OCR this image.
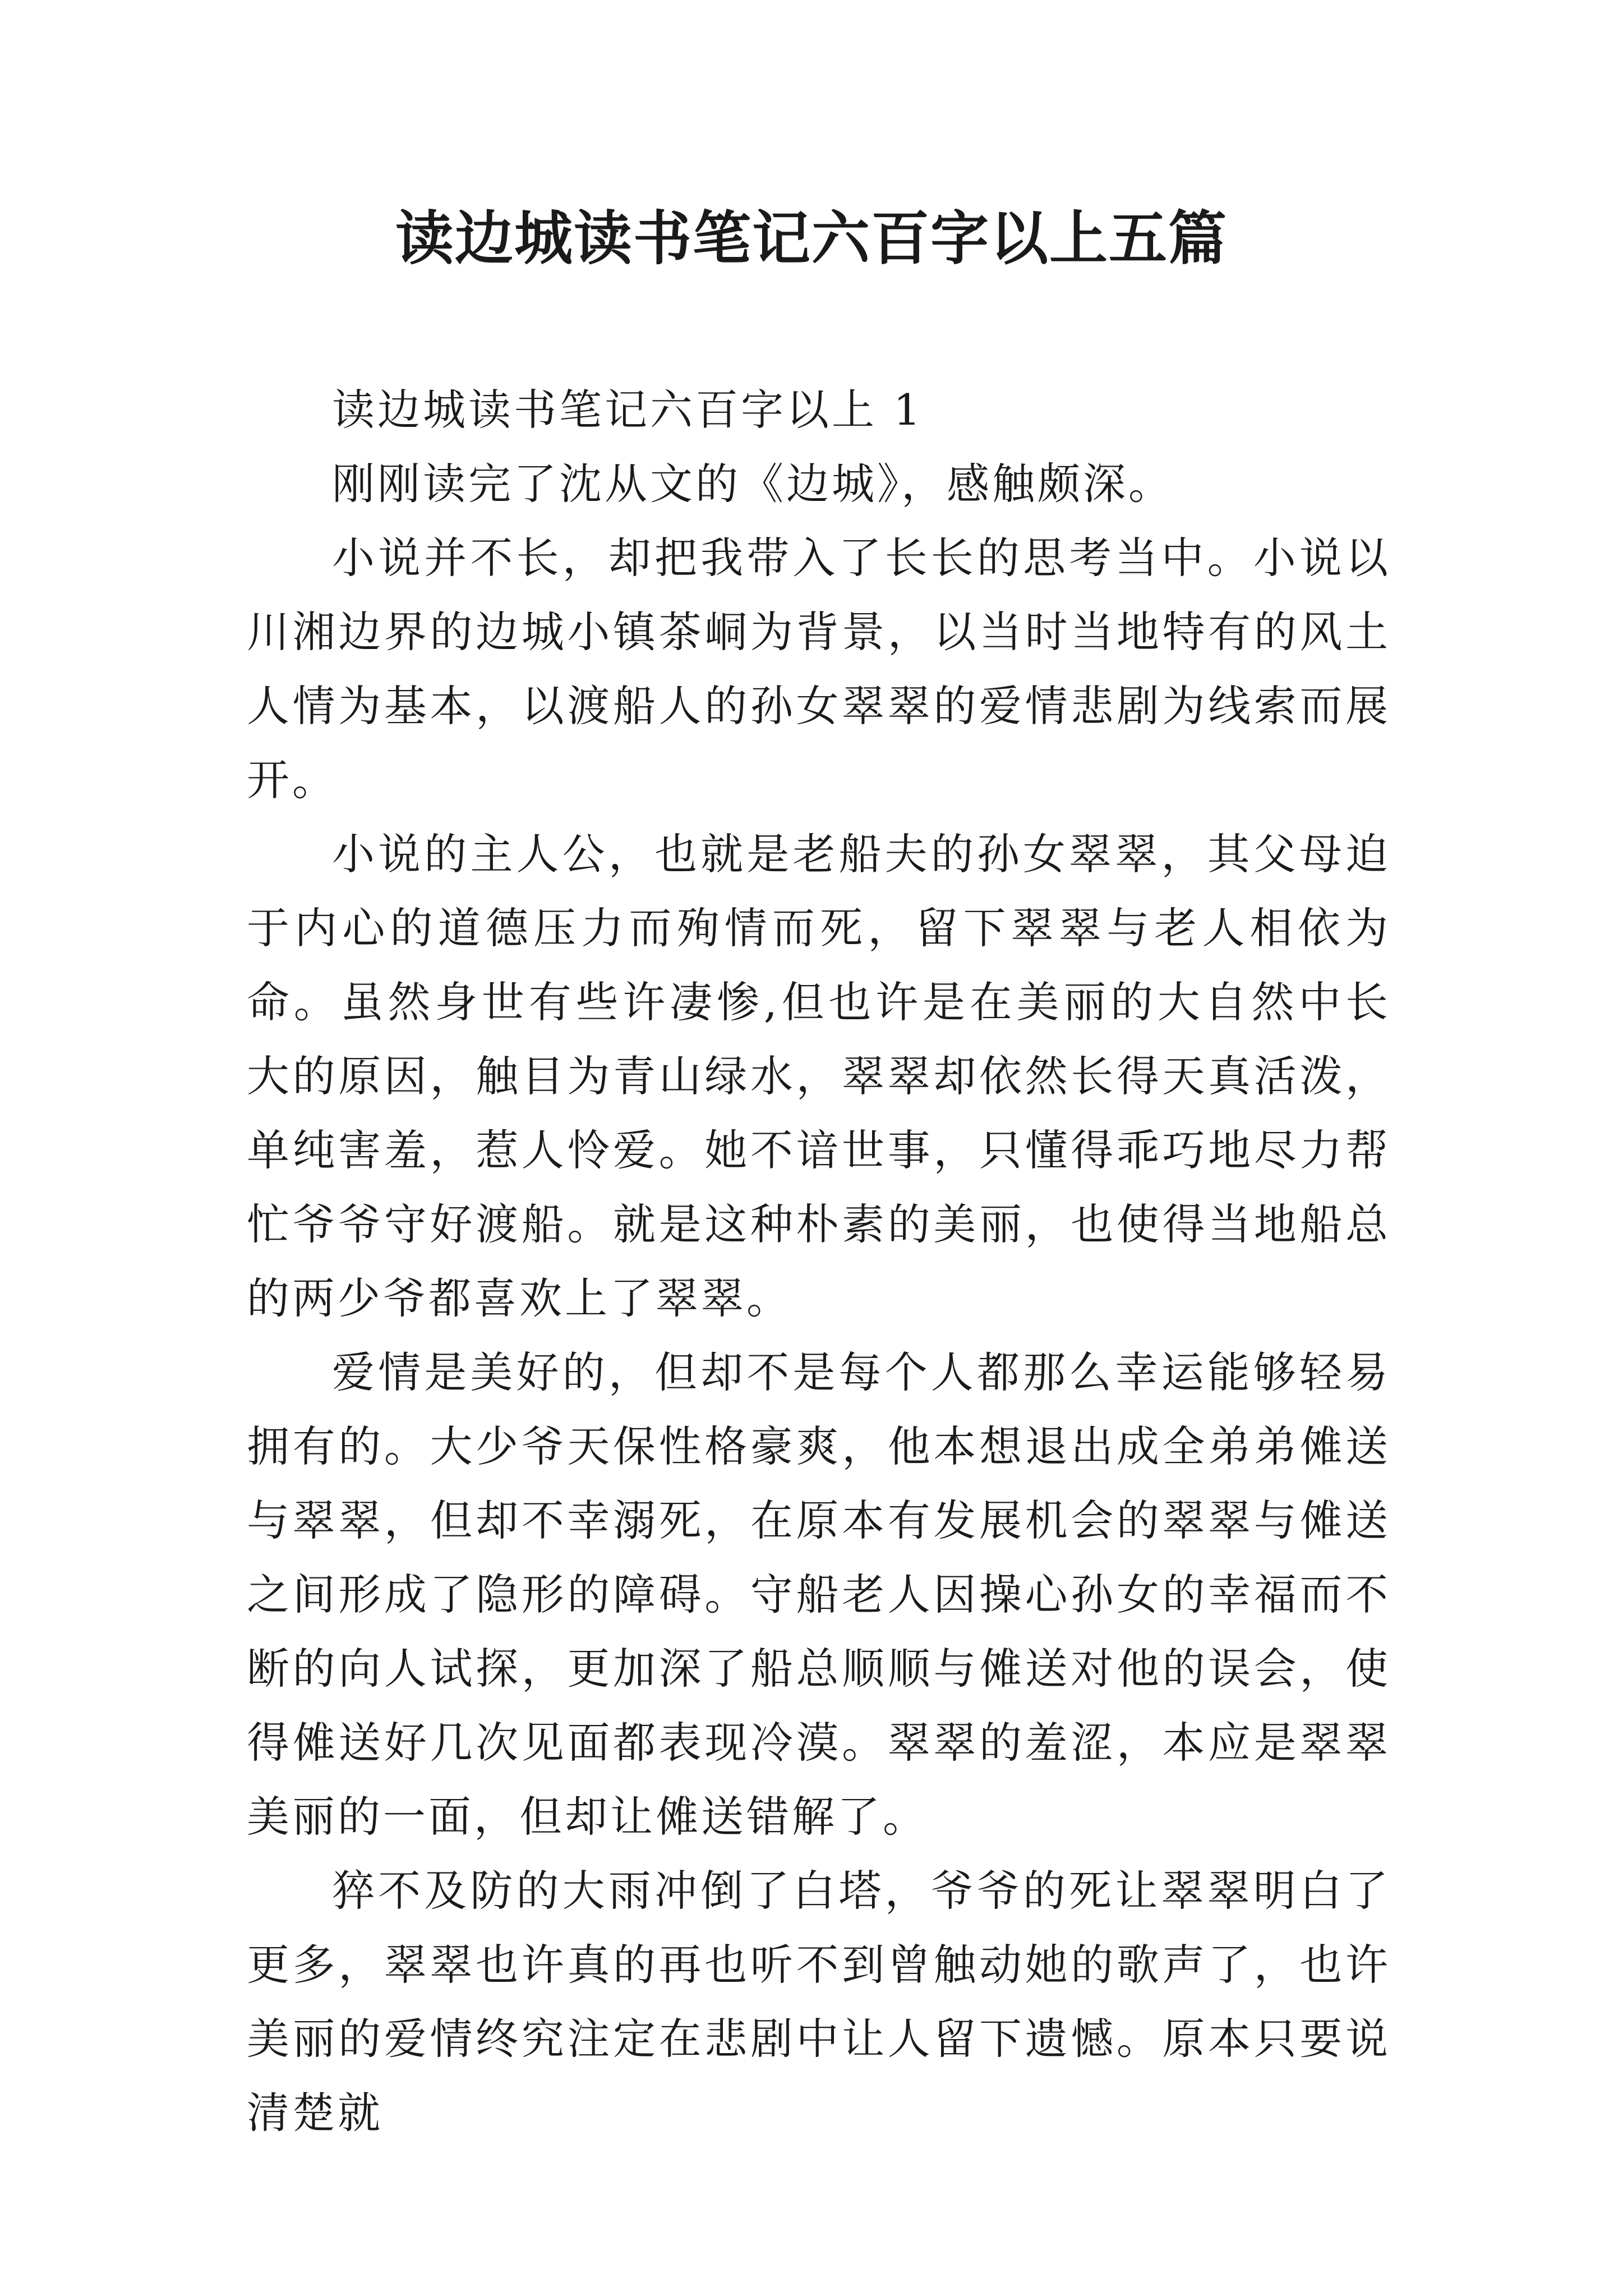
读边城读书笔记六百字以上五篇

读边城读书笔记六百字以上 1

刚刚读完了沈从文的《边城》，感触颇深。

小说并不长，却把我带入了长长的思考当中。小说以川湘边界的边城小镇茶峒为背景，以当时当地特有的风土人情为基本，以渡船人的孙女翠翠的爱情悲剧为线索而展开。

小说的主人公，也就是老船夫的孙女翠翠，其父母迫于内心的道德压力而殉情而死，留下翠翠与老人相依为命。虽然身世有些许凄惨,但也许是在美丽的大自然中长大的原因，触目为青山绿水，翠翠却依然长得天真活泼，单纯害羞，惹人怜爱。她不谙世事，只懂得乖巧地尽力帮忙爷爷守好渡船。就是这种朴素的美丽，也使得当地船总的两少爷都喜欢上了翠翠。

爱情是美好的，但却不是每个人都那么幸运能够轻易拥有的。大少爷天保性格豪爽，他本想退出成全弟弟傩送与翠翠，但却不幸溺死，在原本有发展机会的翠翠与傩送之间形成了隐形的障碍。守船老人因操心孙女的幸福而不断的向人试探，更加深了船总顺顺与傩送对他的误会，使得傩送好几次见面都表现冷漠。翠翠的羞涩，本应是翠翠美丽的一面，但却让傩送错解了。

猝不及防的大雨冲倒了白塔，爷爷的死让翠翠明白了更多，翠翠也许真的再也听不到曾触动她的歌声了，也许美丽的爱情终究注定在悲剧中让人留下遗憾。原本只要说清楚就
